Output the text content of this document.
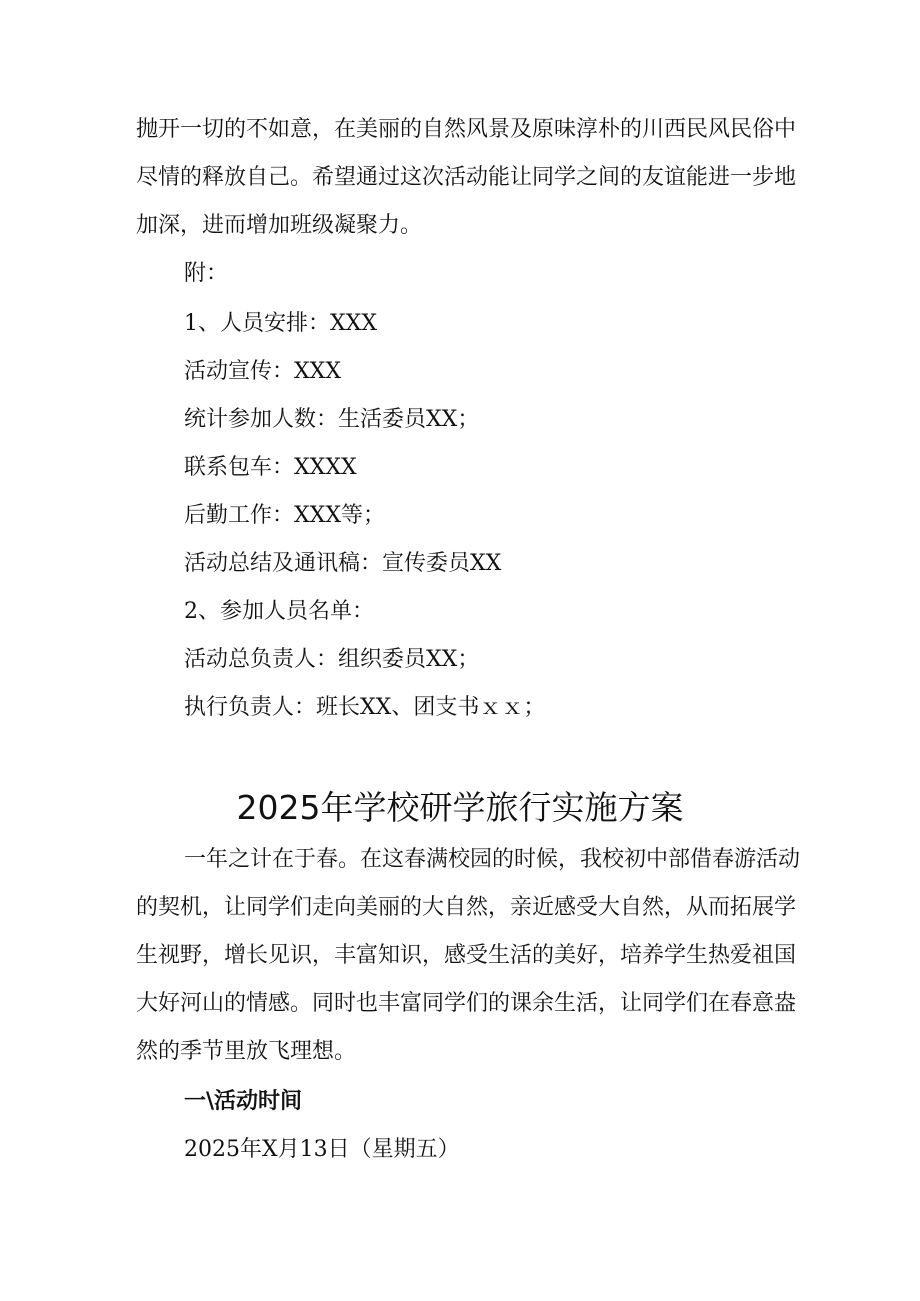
抛开一切的不如意，在美丽的自然风景及原味淳朴的川西民风民俗中
尽情的释放自己。希望通过这次活动能让同学之间的友谊能进一步地
加深，进而增加班级凝聚力。
附：
1、人员安排：XXX
活动宣传：XXX
统计参加人数：生活委员XX；
联系包车：XXXX
后勤工作：XXX等；
活动总结及通讯稿：宣传委员XX
2、参加人员名单：
活动总负责人：组织委员XX；
执行负责人：班长XX、团支书ｘｘ；
2025年学校研学旅行实施方案
一年之计在于春。在这春满校园的时候，我校初中部借春游活动
的契机，让同学们走向美丽的大自然，亲近感受大自然，从而拓展学
生视野，增长见识，丰富知识，感受生活的美好，培养学生热爱祖国
大好河山的情感。同时也丰富同学们的课余生活，让同学们在春意盎
然的季节里放飞理想。
一\活动时间
2025年X月13日（星期五）
